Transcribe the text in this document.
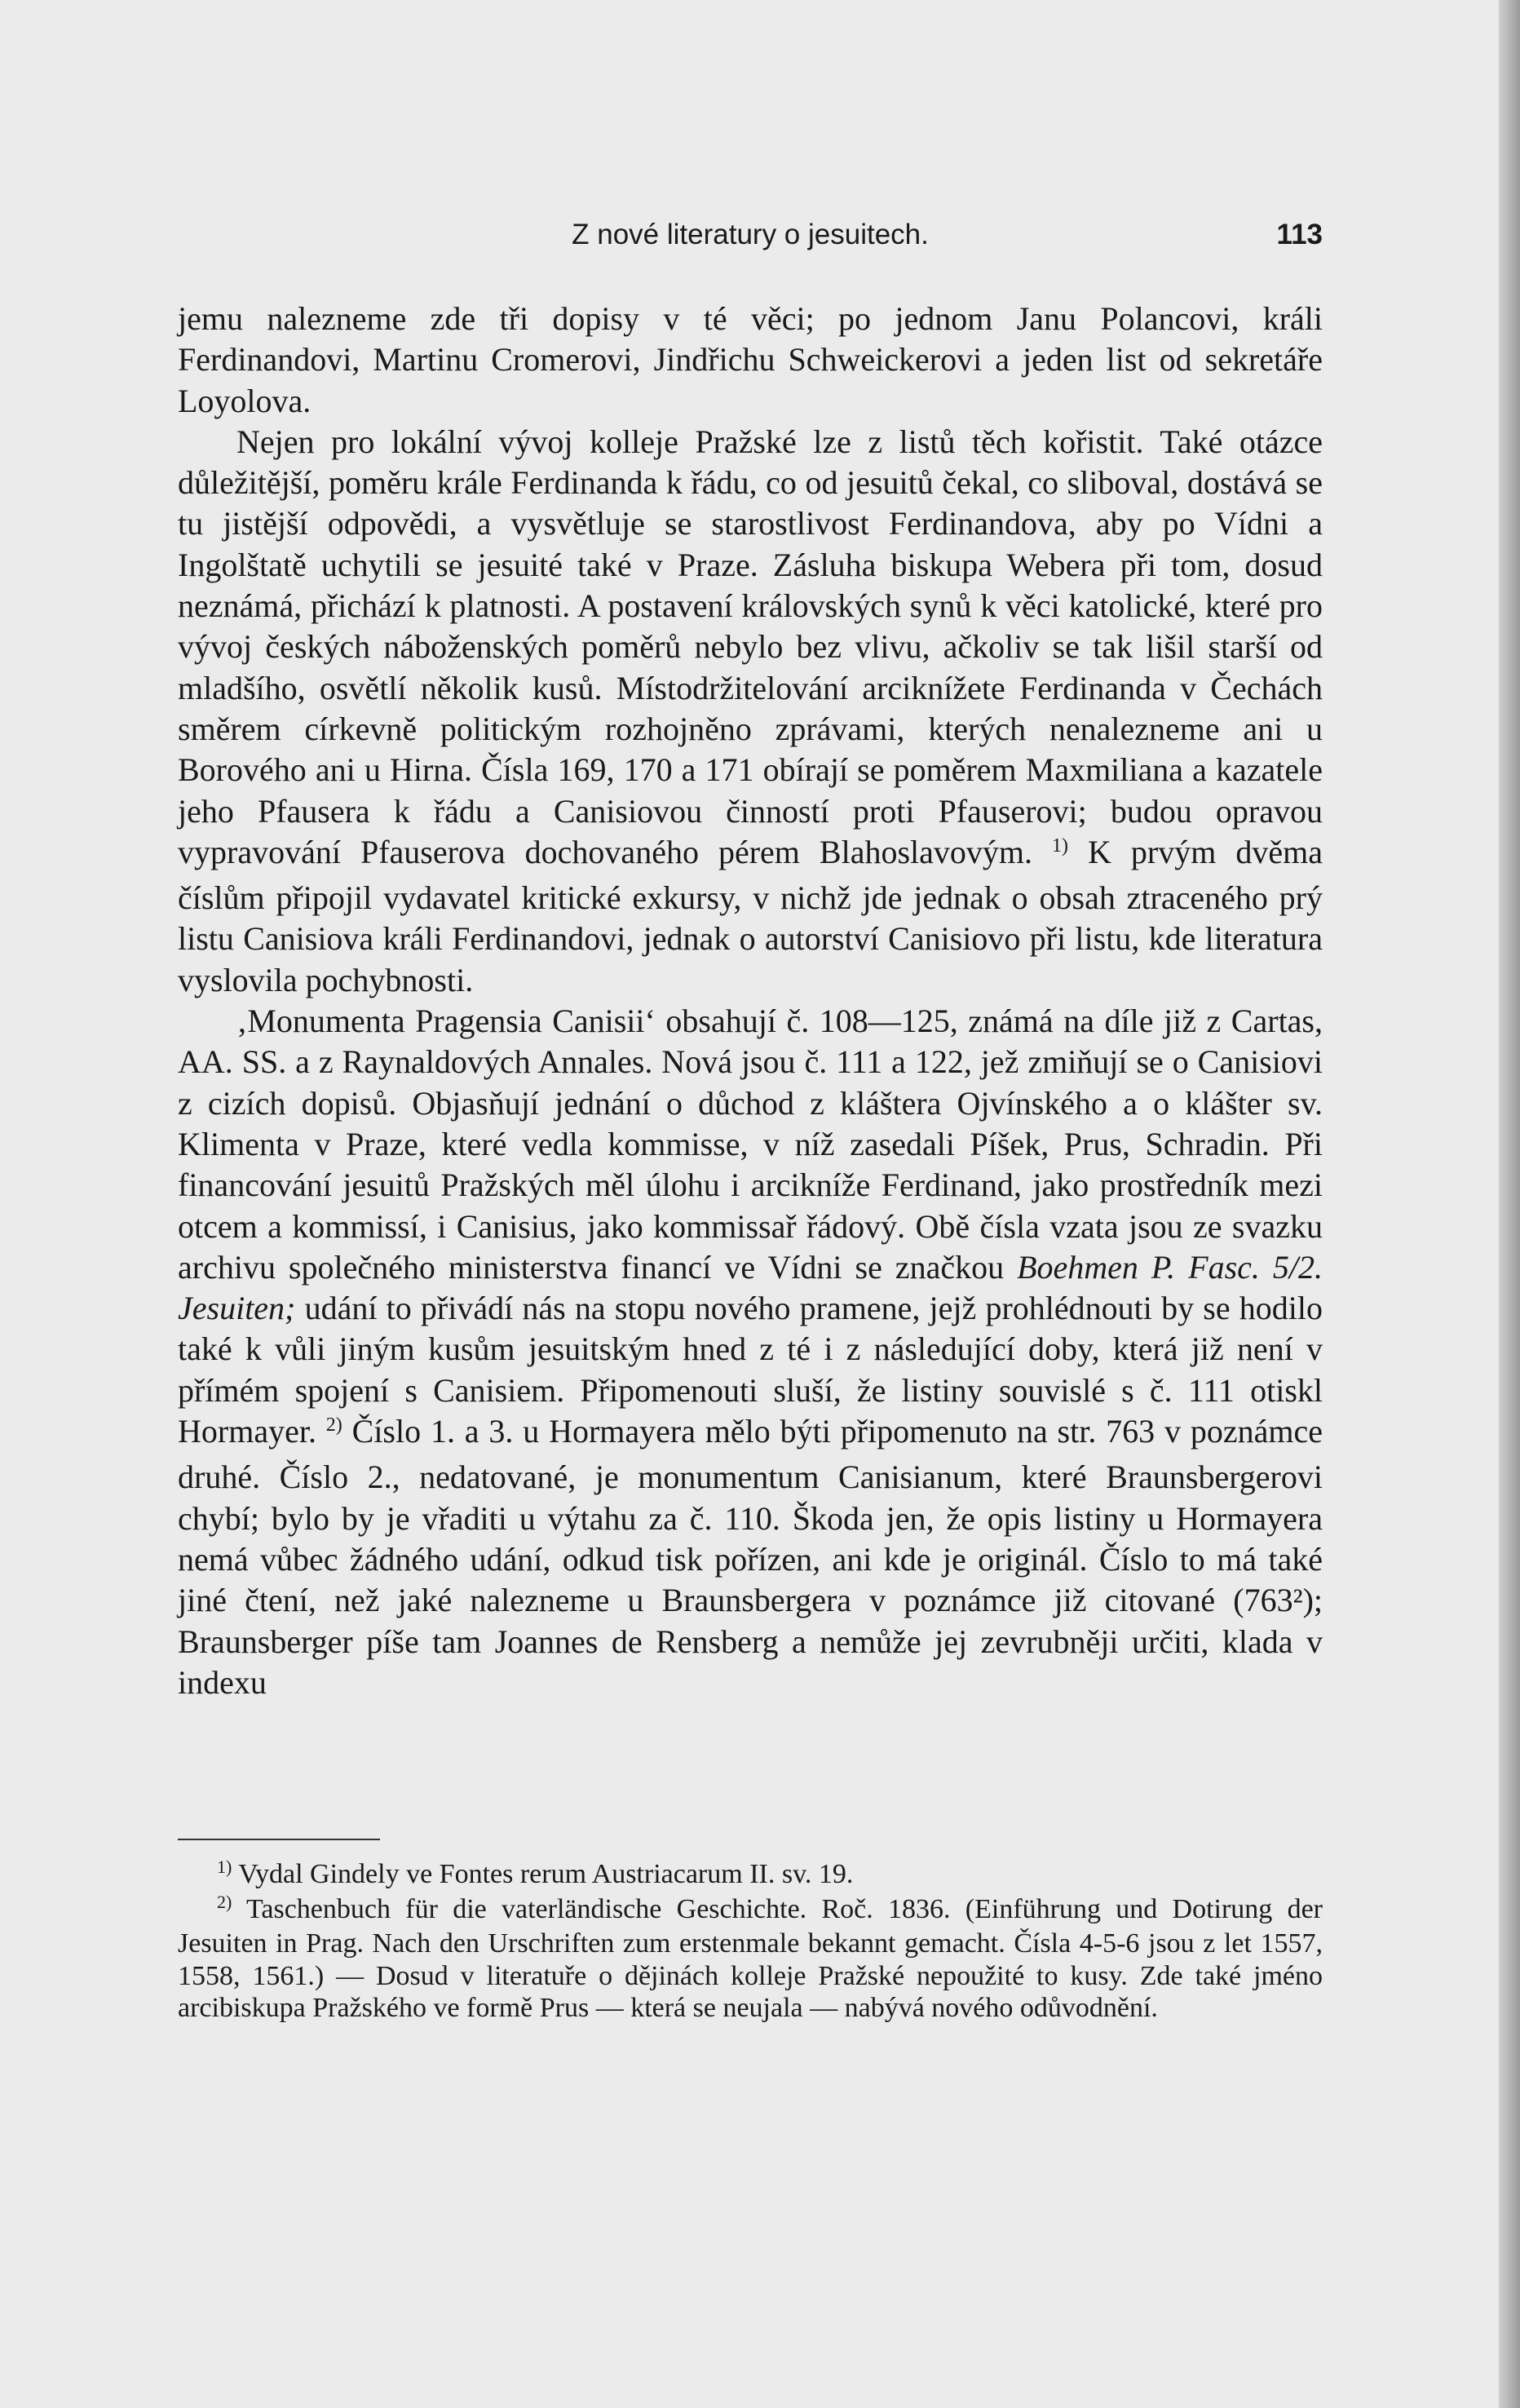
Z nové literatury o jesuitech.	113

jemu nalezneme zde tři dopisy v té věci; po jednom Janu Polancovi, králi Ferdinandovi, Martinu Cromerovi, Jindřichu Schweickerovi a jeden list od sekretáře Loyolova.

Nejen pro lokální vývoj kolleje Pražské lze z listů těch kořistit. Také otázce důležitější, poměru krále Ferdinanda k řádu, co od jesuitů čekal, co sliboval, dostává se tu jistější odpovědi, a vysvětluje se starostlivost Ferdinandova, aby po Vídni a Ingolštatě uchytili se jesuité také v Praze. Zásluha biskupa Webera při tom, dosud neznámá, přichází k platnosti. A postavení královských synů k věci katolické, které pro vývoj českých náboženských poměrů nebylo bez vlivu, ačkoliv se tak lišil starší od mladšího, osvětlí několik kusů. Místodržitelování arciknížete Ferdinanda v Čechách směrem církevně politickým rozhojněno zprávami, kterých nenalezneme ani u Borového ani u Hirna. Čísla 169, 170 a 171 obírají se poměrem Maxmiliana a kazatele jeho Pfausera k řádu a Canisiovou činností proti Pfauserovi; budou opravou vypravování Pfauserova dochovaného pérem Blahoslavovým. $^{1)}$ K prvým dvěma číslům připojil vydavatel kritické exkursy, v nichž jde jednak o obsah ztraceného prý listu Canisiova králi Ferdinandovi, jednak o autorství Canisiovo při listu, kde literatura vyslovila pochybnosti.

‚Monumenta Pragensia Canisii‘ obsahují č. 108—125, známá na díle již z Cartas, AA. SS. a z Raynaldových Annales. Nová jsou č. 111 a 122, jež zmiňují se o Canisiovi z cizích dopisů. Objasňují jednání o důchod z kláštera Ojvínského a o klášter sv. Klimenta v Praze, které vedla kommisse, v níž zasedali Píšek, Prus, Schradin. Při financování jesuitů Pražských měl úlohu i arcikníže Ferdinand, jako prostředník mezi otcem a kommissí, i Canisius, jako kommissař řádový. Obě čísla vzata jsou ze svazku archivu společného ministerstva financí ve Vídni se značkou Boehmen P. Fasc. 5/2. Jesuiten; udání to přivádí nás na stopu nového pramene, jejž prohlédnouti by se hodilo také k vůli jiným kusům jesuitským hned z té i z následující doby, která již není v přímém spojení s Canisiem. Připomenouti sluší, že listiny souvislé s č. 111 otiskl Hormayer. $^{2)}$ Číslo 1. a 3. u Hormayera mělo býti připomenuto na str. 763 v poznámce druhé. Číslo 2., nedatované, je monumentum Canisianum, které Braunsbergerovi chybí; bylo by je vřaditi u výtahu za č. 110. Škoda jen, že opis listiny u Hormayera nemá vůbec žádného udání, odkud tisk pořízen, ani kde je originál. Číslo to má také jiné čtení, než jaké nalezneme u Braunsbergera v poznámce již citované (763²); Braunsberger píše tam Joannes de Rensberg a nemůže jej zevrubněji určiti, klada v indexu

$^{1)}$ Vydal Gindely ve Fontes rerum Austriacarum II. sv. 19.

$^{2)}$ Taschenbuch für die vaterländische Geschichte. Roč. 1836. (Einführung und Dotirung der Jesuiten in Prag. Nach den Urschriften zum erstenmale bekannt gemacht. Čísla 4-5-6 jsou z let 1557, 1558, 1561.) — Dosud v literatuře o dějinách kolleje Pražské nepoužité to kusy. Zde také jméno arcibiskupa Pražského ve formě Prus — která se neujala — nabývá nového odůvodnění.
